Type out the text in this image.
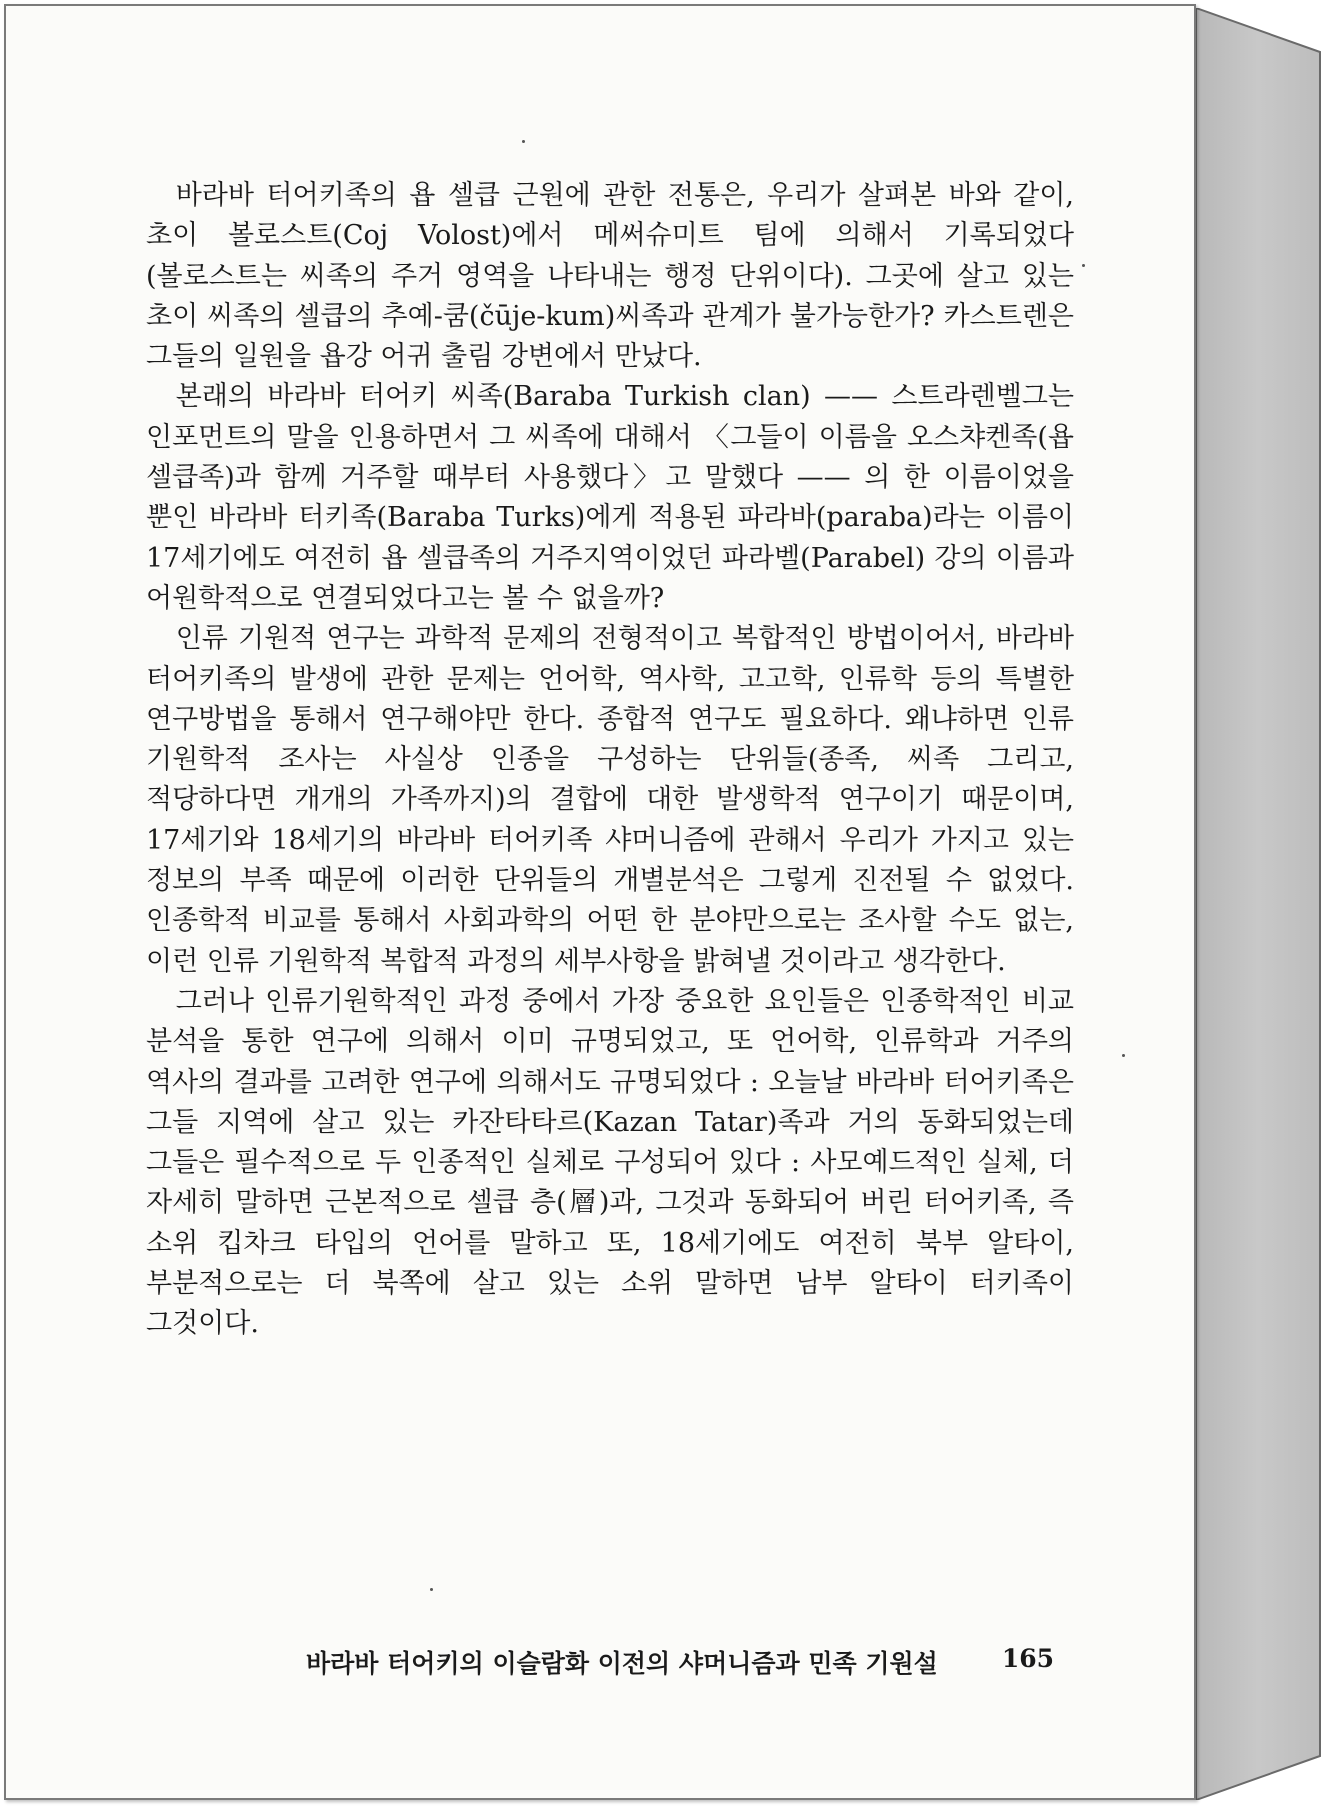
바라바 터어키족의 욥 셀큽 근원에 관한 전통은, 우리가 살펴본 바와 같이, 초이 볼로스트(Coj Volost)에서 메써슈미트 팀에 의해서 기록되었다(볼로스트는 씨족의 주거 영역을 나타내는 행정 단위이다). 그곳에 살고 있는 초이 씨족의 셀큽의 추예-쿰(čūje-kum)씨족과 관계가 불가능한가? 카스트렌은 그들의 일원을 욥강 어귀 출림 강변에서 만났다.

본래의 바라바 터어키 씨족(Baraba Turkish clan) —— 스트라렌벨그는 인포먼트의 말을 인용하면서 그 씨족에 대해서 〈그들이 이름을 오스챠켄족(욥 셀큽족)과 함께 거주할 때부터 사용했다〉고 말했다 —— 의 한 이름이었을 뿐인 바라바 터키족(Baraba Turks)에게 적용된 파라바(paraba)라는 이름이 17세기에도 여전히 욥 셀큽족의 거주지역이었던 파라벨(Parabel) 강의 이름과 어원학적으로 연결되었다고는 볼 수 없을까?

인류 기원적 연구는 과학적 문제의 전형적이고 복합적인 방법이어서, 바라바 터어키족의 발생에 관한 문제는 언어학, 역사학, 고고학, 인류학 등의 특별한 연구방법을 통해서 연구해야만 한다. 종합적 연구도 필요하다. 왜냐하면 인류 기원학적 조사는 사실상 인종을 구성하는 단위들(종족, 씨족 그리고, 적당하다면 개개의 가족까지)의 결합에 대한 발생학적 연구이기 때문이며, 17세기와 18세기의 바라바 터어키족 샤머니즘에 관해서 우리가 가지고 있는 정보의 부족 때문에 이러한 단위들의 개별분석은 그렇게 진전될 수 없었다. 인종학적 비교를 통해서 사회과학의 어떤 한 분야만으로는 조사할 수도 없는, 이런 인류 기원학적 복합적 과정의 세부사항을 밝혀낼 것이라고 생각한다.

그러나 인류기원학적인 과정 중에서 가장 중요한 요인들은 인종학적인 비교 분석을 통한 연구에 의해서 이미 규명되었고, 또 언어학, 인류학과 거주의 역사의 결과를 고려한 연구에 의해서도 규명되었다 : 오늘날 바라바 터어키족은 그들 지역에 살고 있는 카잔타타르(Kazan Tatar)족과 거의 동화되었는데 그들은 필수적으로 두 인종적인 실체로 구성되어 있다 : 사모예드적인 실체, 더 자세히 말하면 근본적으로 셀큽 층(層)과, 그것과 동화되어 버린 터어키족, 즉 소위 킵차크 타입의 언어를 말하고 또, 18세기에도 여전히 북부 알타이, 부분적으로는 더 북쪽에 살고 있는 소위 말하면 남부 알타이 터키족이 그것이다.

바라바 터어키의 이슬람화 이전의 샤머니즘과 민족 기원설	165
